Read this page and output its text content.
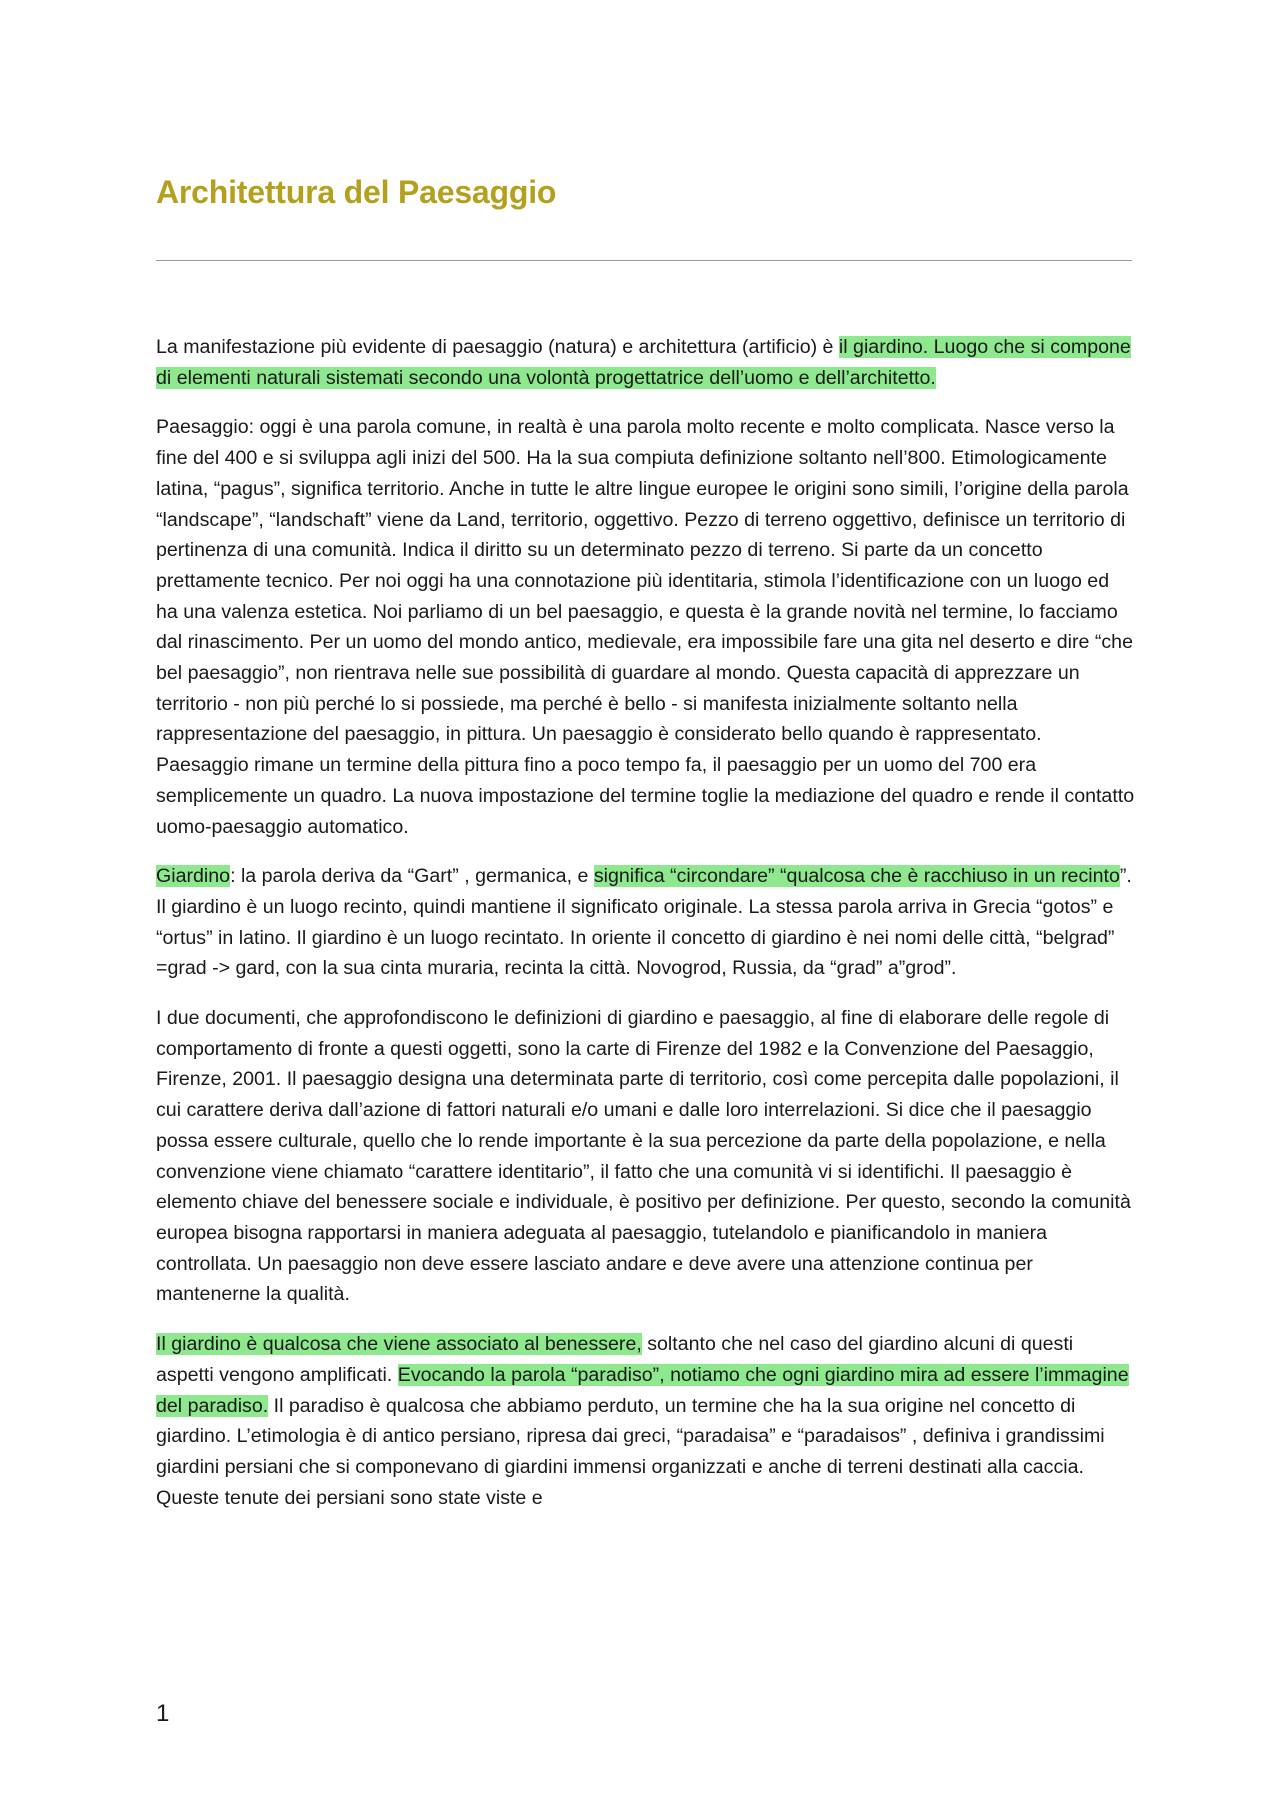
Architettura del Paesaggio

La manifestazione più evidente di paesaggio (natura) e architettura (artificio) è il giardino. Luogo che si compone di elementi naturali sistemati secondo una volontà progettatrice dell’uomo e dell’architetto.

Paesaggio: oggi è una parola comune, in realtà è una parola molto recente e molto complicata. Nasce verso la fine del 400 e si sviluppa agli inizi del 500. Ha la sua compiuta definizione soltanto nell’800. Etimologicamente latina, “pagus”, significa territorio. Anche in tutte le altre lingue europee le origini sono simili, l’origine della parola “landscape”, “landschaft” viene da Land, territorio, oggettivo. Pezzo di terreno oggettivo, definisce un territorio di pertinenza di una comunità. Indica il diritto su un determinato pezzo di terreno. Si parte da un concetto prettamente tecnico. Per noi oggi ha una connotazione più identitaria, stimola l’identificazione con un luogo ed ha una valenza estetica. Noi parliamo di un bel paesaggio, e questa è la grande novità nel termine, lo facciamo dal rinascimento. Per un uomo del mondo antico, medievale, era impossibile fare una gita nel deserto e dire “che bel paesaggio”, non rientrava nelle sue possibilità di guardare al mondo. Questa capacità di apprezzare un territorio - non più perché lo si possiede, ma perché è bello - si manifesta inizialmente soltanto nella rappresentazione del paesaggio, in pittura. Un paesaggio è considerato bello quando è rappresentato. Paesaggio rimane un termine della pittura fino a poco tempo fa, il paesaggio per un uomo del 700 era semplicemente un quadro. La nuova impostazione del termine toglie la mediazione del quadro e rende il contatto uomo-paesaggio automatico.

Giardino: la parola deriva da “Gart” , germanica, e significa “circondare” “qualcosa che è racchiuso in un recinto”. Il giardino è un luogo recinto, quindi mantiene il significato originale. La stessa parola arriva in Grecia “gotos” e “ortus” in latino. Il giardino è un luogo recintato. In oriente il concetto di giardino è nei nomi delle città, “belgrad” =grad -> gard, con la sua cinta muraria, recinta la città. Novogrod, Russia, da “grad” a”grod”.

I due documenti, che approfondiscono le definizioni di giardino e paesaggio, al fine di elaborare delle regole di comportamento di fronte a questi oggetti, sono la carte di Firenze del 1982 e la Convenzione del Paesaggio, Firenze, 2001. Il paesaggio designa una determinata parte di territorio, così come percepita dalle popolazioni, il cui carattere deriva dall’azione di fattori naturali e/o umani e dalle loro interrelazioni. Si dice che il paesaggio possa essere culturale, quello che lo rende importante è la sua percezione da parte della popolazione, e nella convenzione viene chiamato “carattere identitario”, il fatto che una comunità vi si identifichi. Il paesaggio è elemento chiave del benessere sociale e individuale, è positivo per definizione. Per questo, secondo la comunità europea bisogna rapportarsi in maniera adeguata al paesaggio, tutelandolo e pianificandolo in maniera controllata. Un paesaggio non deve essere lasciato andare e deve avere una attenzione continua per mantenerne la qualità.

Il giardino è qualcosa che viene associato al benessere, soltanto che nel caso del giardino alcuni di questi aspetti vengono amplificati. Evocando la parola “paradiso”, notiamo che ogni giardino mira ad essere l’immagine del paradiso. Il paradiso è qualcosa che abbiamo perduto, un termine che ha la sua origine nel concetto di giardino. L’etimologia è di antico persiano, ripresa dai greci, “paradaisa” e “paradaisos” , definiva i grandissimi giardini persiani che si componevano di giardini immensi organizzati e anche di terreni destinati alla caccia. Queste tenute dei persiani sono state viste e

1
